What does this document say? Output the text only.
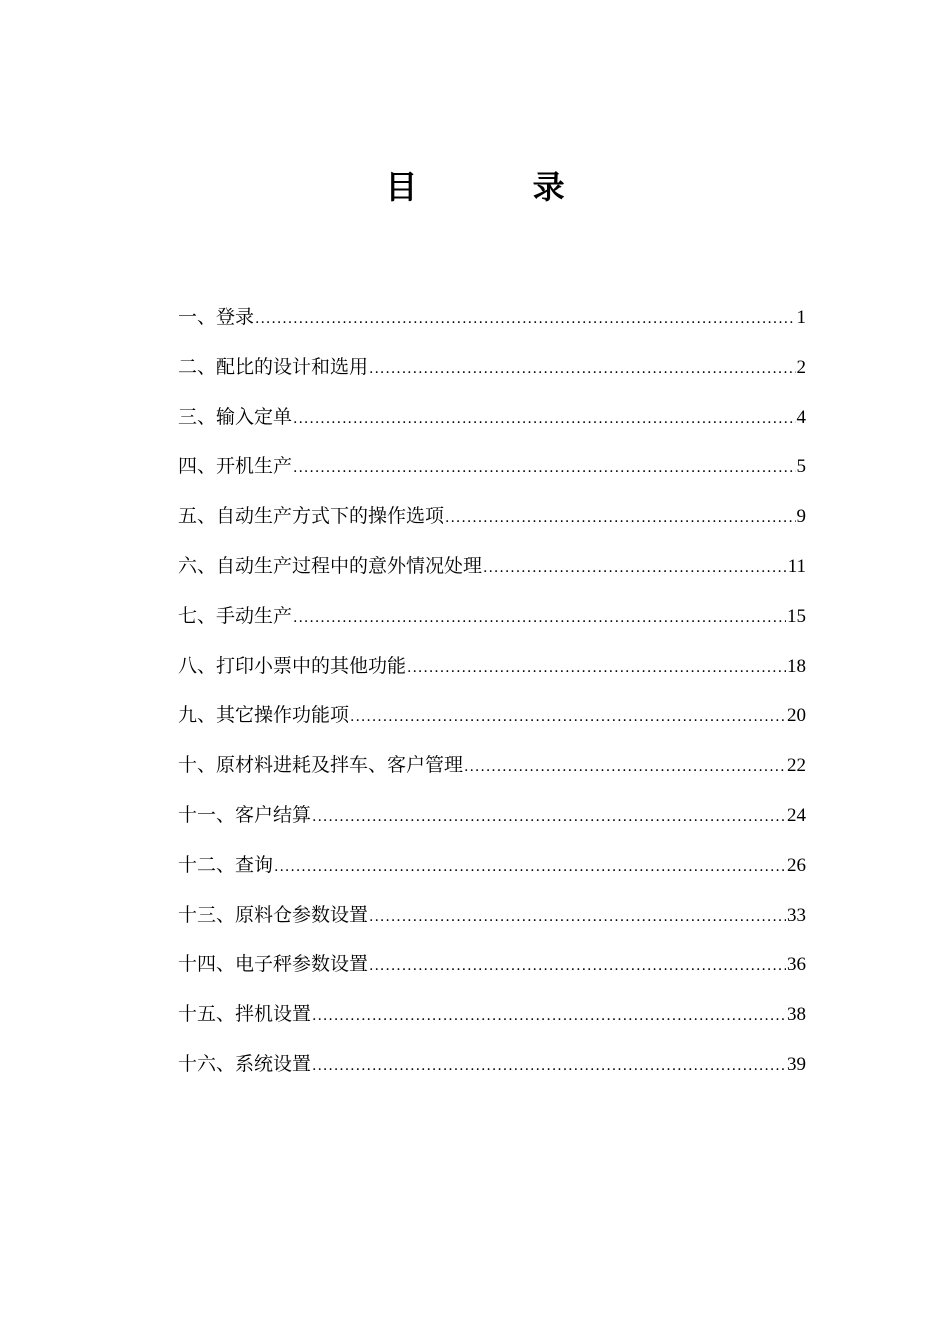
目 录
一、登录 .....	1
二、配比的设计和选用 .....	2
三、输入定单 .....	4
四、开机生产 .....	5
五、自动生产方式下的操作选项 .....	9
六、自动生产过程中的意外情况处理 .....	11
七、手动生产 .....	15
八、打印小票中的其他功能 .....	18
九、其它操作功能项 .....	20
十、原材料进耗及拌车、客户管理 .....	22
十一、客户结算 .....	24
十二、查询 .....	26
十三、原料仓参数设置 .....	33
十四、电子秤参数设置 .....	36
十五、拌机设置 .....	38
十六、系统设置 .....	39
